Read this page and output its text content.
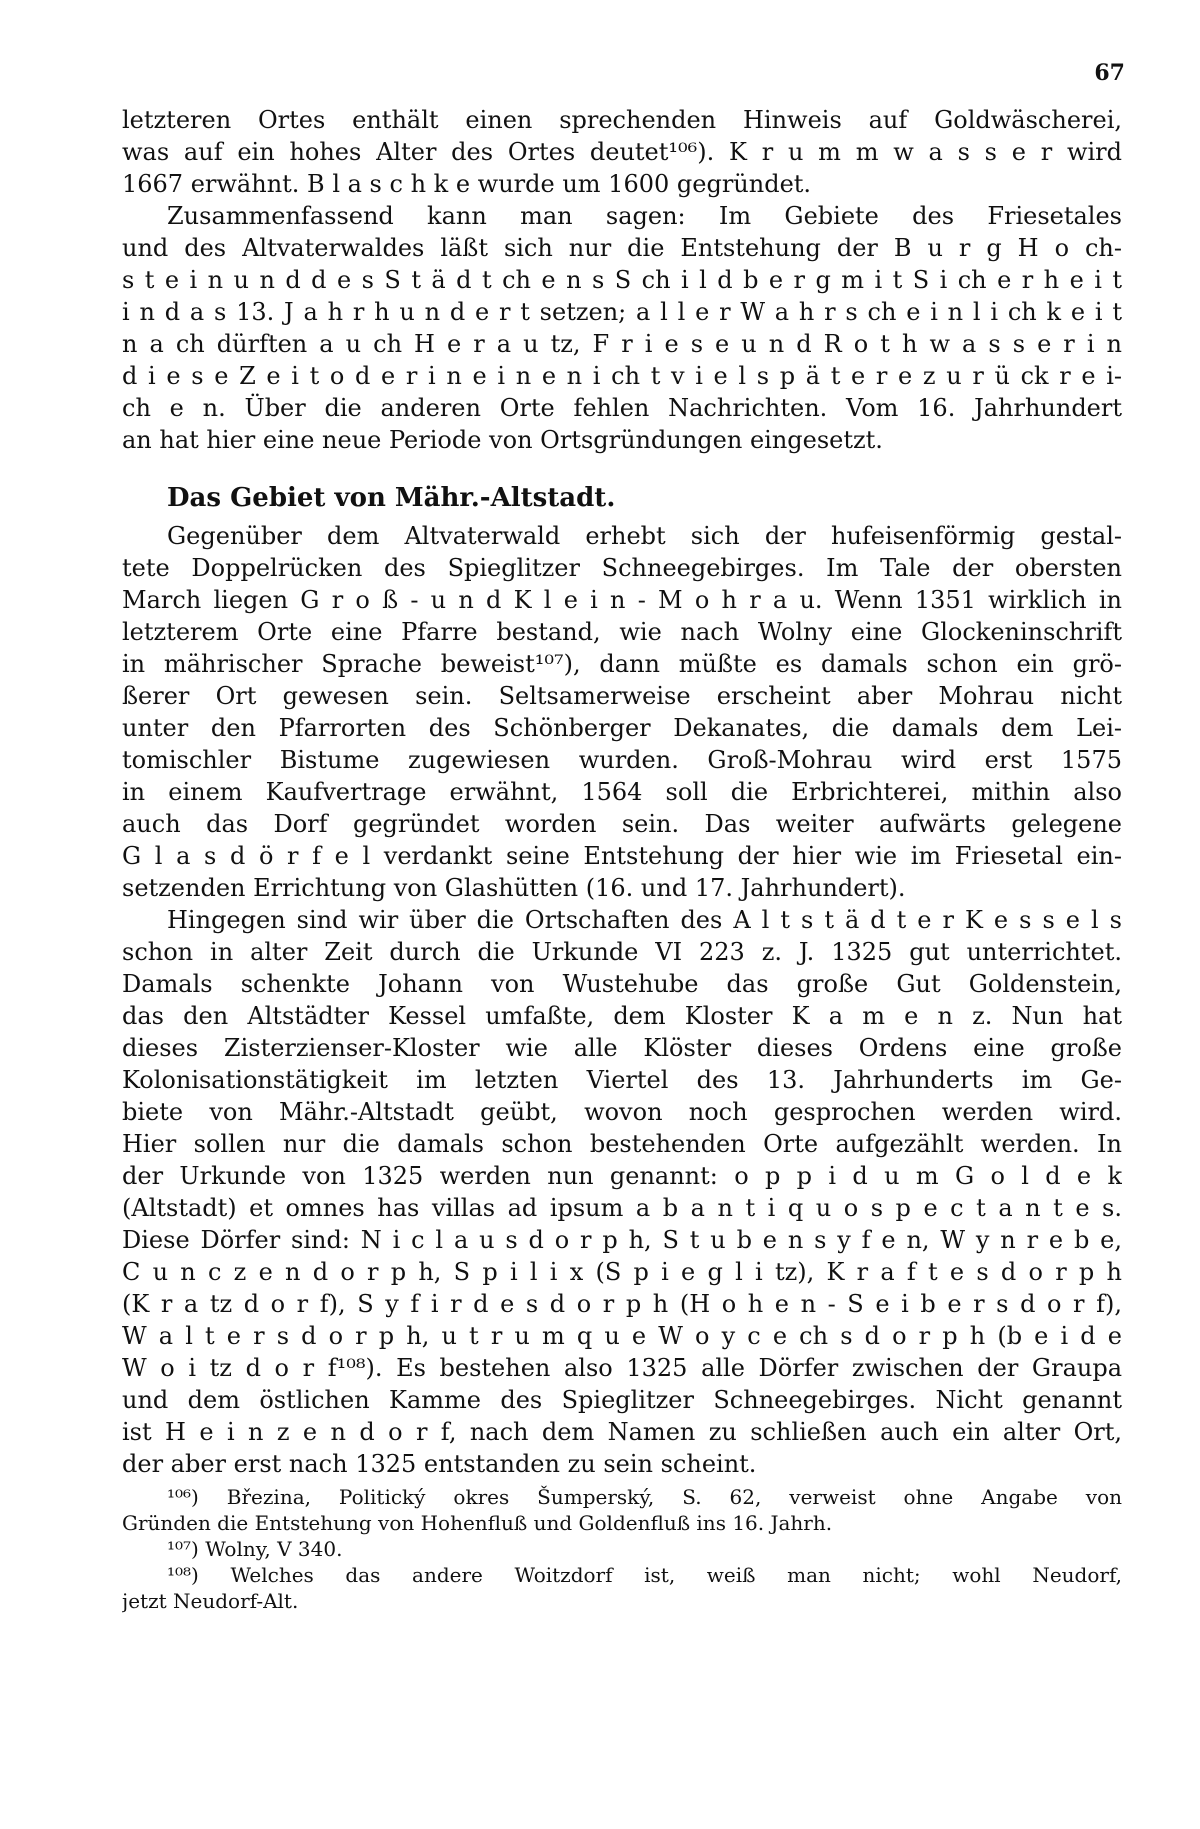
67
letzteren Ortes enthält einen sprechenden Hinweis auf Goldwäscherei,
was auf ein hohes Alter des Ortes deutet¹⁰⁶). K r u m m w a s s e r wird
1667 erwähnt. B l a s c h k e wurde um 1600 gegründet.
Zusammenfassend kann man sagen: Im Gebiete des Friesetales
und des Altvaterwaldes läßt sich nur die Entstehung der B u r g H o ch-
s t e i n u n d d e s S t ä d t ch e n s S ch i l d b e r g m i t S i ch e r h e i t
i n d a s 13. J a h r h u n d e r t setzen; a l l e r W a h r s ch e i n l i ch k e i t
n a ch dürften a u ch H e r a u tz, F r i e s e u n d R o t h w a s s e r i n
d i e s e Z e i t o d e r i n e i n e n i ch t v i e l s p ä t e r e z u r ü ck r e i-
ch e n. Über die anderen Orte fehlen Nachrichten. Vom 16. Jahrhundert
an hat hier eine neue Periode von Ortsgründungen eingesetzt.
Das Gebiet von Mähr.-Altstadt.
Gegenüber dem Altvaterwald erhebt sich der hufeisenförmig gestal-
tete Doppelrücken des Spieglitzer Schneegebirges. Im Tale der obersten
March liegen G r o ß - u n d K l e i n - M o h r a u. Wenn 1351 wirklich in
letzterem Orte eine Pfarre bestand, wie nach Wolny eine Glockeninschrift
in mährischer Sprache beweist¹⁰⁷), dann müßte es damals schon ein grö-
ßerer Ort gewesen sein. Seltsamerweise erscheint aber Mohrau nicht
unter den Pfarrorten des Schönberger Dekanates, die damals dem Lei-
tomischler Bistume zugewiesen wurden. Groß-Mohrau wird erst 1575
in einem Kaufvertrage erwähnt, 1564 soll die Erbrichterei, mithin also
auch das Dorf gegründet worden sein. Das weiter aufwärts gelegene
G l a s d ö r f e l verdankt seine Entstehung der hier wie im Friesetal ein-
setzenden Errichtung von Glashütten (16. und 17. Jahrhundert).
Hingegen sind wir über die Ortschaften des A l t s t ä d t e r K e s s e l s
schon in alter Zeit durch die Urkunde VI 223 z. J. 1325 gut unterrichtet.
Damals schenkte Johann von Wustehube das große Gut Goldenstein,
das den Altstädter Kessel umfaßte, dem Kloster K a m e n z. Nun hat
dieses Zisterzienser-Kloster wie alle Klöster dieses Ordens eine große
Kolonisationstätigkeit im letzten Viertel des 13. Jahrhunderts im Ge-
biete von Mähr.-Altstadt geübt, wovon noch gesprochen werden wird.
Hier sollen nur die damals schon bestehenden Orte aufgezählt werden. In
der Urkunde von 1325 werden nun genannt: o p p i d u m G o l d e k
(Altstadt) et omnes has villas ad ipsum a b a n t i q u o s p e c t a n t e s.
Diese Dörfer sind: N i c l a u s d o r p h, S t u b e n s y f e n, W y n r e b e,
C u n c z e n d o r p h, S p i l i x (S p i e g l i tz), K r a f t e s d o r p h
(K r a tz d o r f), S y f i r d e s d o r p h (H o h e n - S e i b e r s d o r f),
W a l t e r s d o r p h, u t r u m q u e W o y c e ch s d o r p h (b e i d e
W o i tz d o r f¹⁰⁸). Es bestehen also 1325 alle Dörfer zwischen der Graupa
und dem östlichen Kamme des Spieglitzer Schneegebirges. Nicht genannt
ist H e i n z e n d o r f, nach dem Namen zu schließen auch ein alter Ort,
der aber erst nach 1325 entstanden zu sein scheint.
¹⁰⁶) Březina, Politický okres Šumperský, S. 62, verweist ohne Angabe von
Gründen die Entstehung von Hohenfluß und Goldenfluß ins 16. Jahrh.
¹⁰⁷) Wolny, V 340.
¹⁰⁸) Welches das andere Woitzdorf ist, weiß man nicht; wohl Neudorf,
jetzt Neudorf-Alt.
